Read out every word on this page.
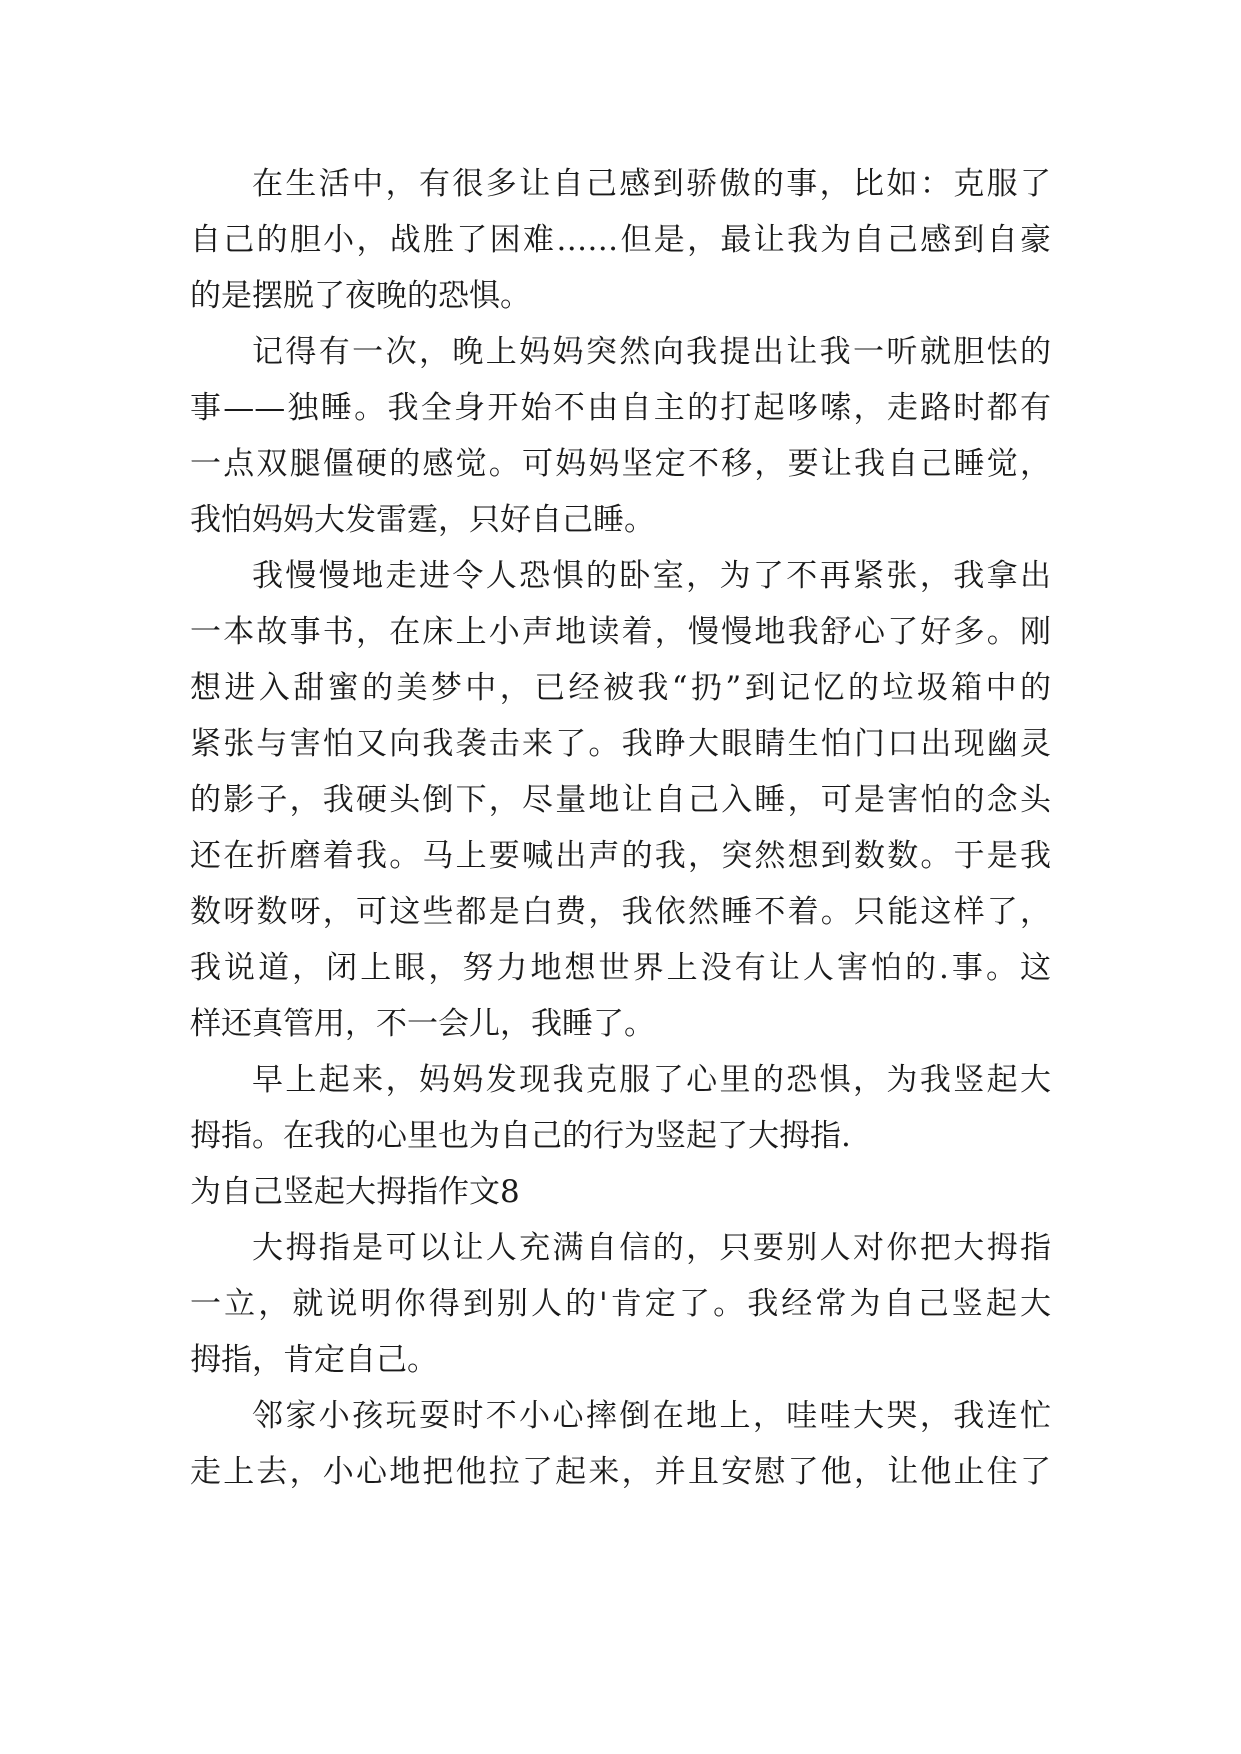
在生活中，有很多让自己感到骄傲的事，比如：克服了
自己的胆小，战胜了困难……但是，最让我为自己感到自豪
的是摆脱了夜晚的恐惧。
记得有一次，晚上妈妈突然向我提出让我一听就胆怯的
事——独睡。我全身开始不由自主的打起哆嗦，走路时都有
一点双腿僵硬的感觉。可妈妈坚定不移，要让我自己睡觉，
我怕妈妈大发雷霆，只好自己睡。
我慢慢地走进令人恐惧的卧室，为了不再紧张，我拿出
一本故事书，在床上小声地读着，慢慢地我舒心了好多。刚
想进入甜蜜的美梦中，已经被我“扔”到记忆的垃圾箱中的
紧张与害怕又向我袭击来了。我睁大眼睛生怕门口出现幽灵
的影子，我硬头倒下，尽量地让自己入睡，可是害怕的念头
还在折磨着我。马上要喊出声的我，突然想到数数。于是我
数呀数呀，可这些都是白费，我依然睡不着。只能这样了，
我说道，闭上眼，努力地想世界上没有让人害怕的.事。这
样还真管用，不一会儿，我睡了。
早上起来，妈妈发现我克服了心里的恐惧，为我竖起大
拇指。在我的心里也为自己的行为竖起了大拇指.
为自己竖起大拇指作文8
大拇指是可以让人充满自信的，只要别人对你把大拇指
一立，就说明你得到别人的'肯定了。我经常为自己竖起大
拇指，肯定自己。
邻家小孩玩耍时不小心摔倒在地上，哇哇大哭，我连忙
走上去，小心地把他拉了起来，并且安慰了他，让他止住了
